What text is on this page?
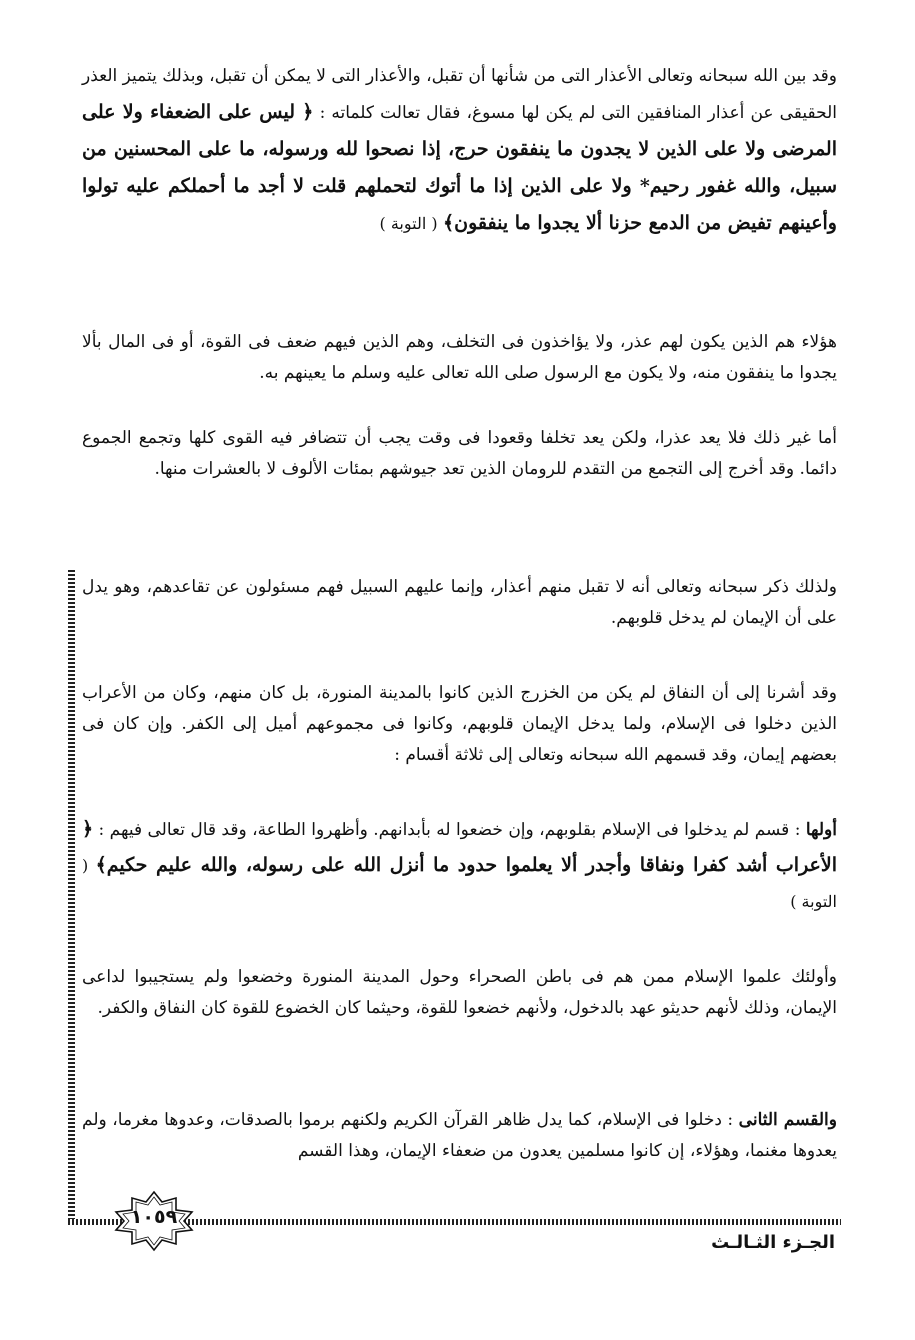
وقد بين الله سبحانه وتعالى الأعذار التى من شأنها أن تقبل، والأعذار التى لا يمكن أن تقبل، وبذلك يتميز العذر الحقيقى عن أعذار المنافقين التى لم يكن لها مسوغ، فقال تعالت كلماته : ﴿ ليس على الضعفاء ولا على المرضى ولا على الذين لا يجدون ما ينفقون حرج، إذا نصحوا لله ورسوله، ما على المحسنين من سبيل، والله غفور رحيم* ولا على الذين إذا ما أتوك لتحملهم قلت لا أجد ما أحملكم عليه تولوا وأعينهم تفيض من الدمع حزنا ألا يجدوا ما ينفقون﴾ ( التوبة )

هؤلاء هم الذين يكون لهم عذر، ولا يؤاخذون فى التخلف، وهم الذين فيهم ضعف فى القوة، أو فى المال بألا يجدوا ما ينفقون منه، ولا يكون مع الرسول صلى الله تعالى عليه وسلم ما يعينهم به.

أما غير ذلك فلا يعد عذرا، ولكن يعد تخلفا وقعودا فى وقت يجب أن تتضافر فيه القوى كلها وتجمع الجموع دائما. وقد أخرج إلى التجمع من التقدم للرومان الذين تعد جيوشهم بمئات الألوف لا بالعشرات منها.

ولذلك ذكر سبحانه وتعالى أنه لا تقبل منهم أعذار، وإنما عليهم السبيل فهم مسئولون عن تقاعدهم، وهو يدل على أن الإيمان لم يدخل قلوبهم.

وقد أشرنا إلى أن النفاق لم يكن من الخزرج الذين كانوا بالمدينة المنورة، بل كان منهم، وكان من الأعراب الذين دخلوا فى الإسلام، ولما يدخل الإيمان قلوبهم، وكانوا فى مجموعهم أميل إلى الكفر. وإن كان فى بعضهم إيمان، وقد قسمهم الله سبحانه وتعالى إلى ثلاثة أقسام :

أولها : قسم لم يدخلوا فى الإسلام بقلوبهم، وإن خضعوا له بأبدانهم. وأظهروا الطاعة، وقد قال تعالى فيهم : ﴿ الأعراب أشد كفرا ونفاقا وأجدر ألا يعلموا حدود ما أنزل الله على رسوله، والله عليم حكيم﴾ ( التوبة )

وأولئك علموا الإسلام ممن هم فى باطن الصحراء وحول المدينة المنورة وخضعوا ولم يستجيبوا لداعى الإيمان، وذلك لأنهم حديثو عهد بالدخول، ولأنهم خضعوا للقوة، وحيثما كان الخضوع للقوة كان النفاق والكفر.

والقسم الثانى : دخلوا فى الإسلام، كما يدل ظاهر القرآن الكريم ولكنهم برموا بالصدقات، وعدوها مغرما، ولم يعدوها مغنما، وهؤلاء، إن كانوا مسلمين يعدون من ضعفاء الإيمان، وهذا القسم

١٠٥٩
الجـزء الثـالـث
